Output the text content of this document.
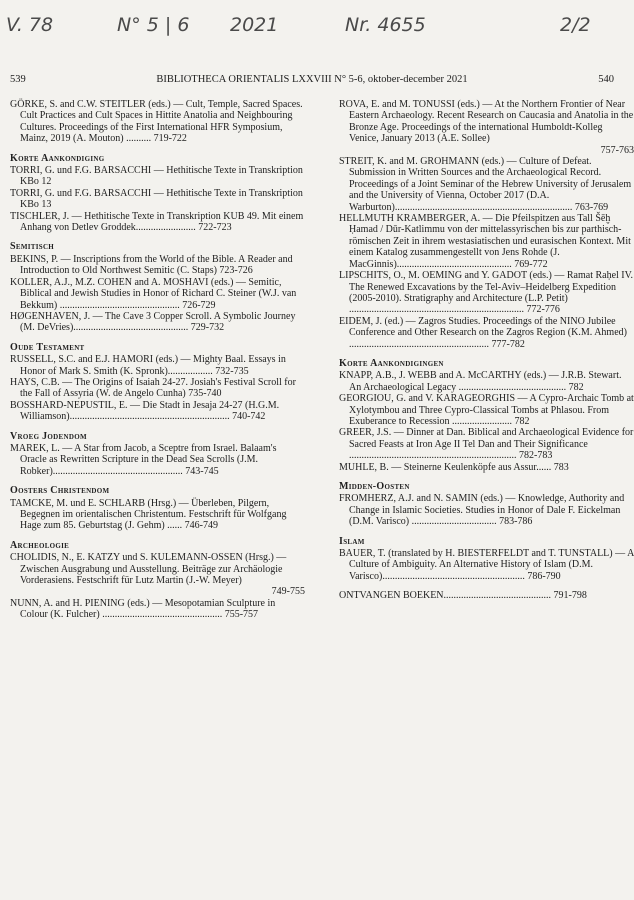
V. 78	N° 5 | 6 2021	Nr. 4655	2/2
539	BIBLIOTHECA ORIENTALIS LXXVIII N° 5-6, oktober-december 2021	540
GÖRKE, S. and C.W. STEITLER (eds.) — Cult, Temple, Sacred Spaces. Cult Practices and Cult Spaces in Hittite Anatolia and Neighbouring Cultures. Proceedings of the First International HFR Symposium, Mainz, 2019 (A. Mouton) .......... 719-722
Korte Aankondiging
TORRI, G. und F.G. BARSACCHI — Hethitische Texte in Transkription KBo 12
TORRI, G. und F.G. BARSACCHI — Hethitische Texte in Transkription KBo 13
TISCHLER, J. — Hethitische Texte in Transkription KUB 49. Mit einem Anhang von Detlev Groddek........................ 722-723
Semitisch
BEKINS, P. — Inscriptions from the World of the Bible. A Reader and Introduction to Old Northwest Semitic (C. Staps) 723-726
KOLLER, A.J., M.Z. COHEN and A. MOSHAVI (eds.) — Semitic, Biblical and Jewish Studies in Honor of Richard C. Steiner (W.J. van Bekkum) ................................................ 726-729
HØGENHAVEN, J. — The Cave 3 Copper Scroll. A Symbolic Journey (M. DeVries).............................................. 729-732
Oude Testament
RUSSELL, S.C. and E.J. HAMORI (eds.) — Mighty Baal. Essays in Honor of Mark S. Smith (K. Spronk).................. 732-735
HAYS, C.B. — The Origins of Isaiah 24-27. Josiah's Festival Scroll for the Fall of Assyria (W. de Angelo Cunha) 735-740
BOSSHARD-NEPUSTIL, E. — Die Stadt in Jesaja 24-27 (H.G.M. Williamson)................................................................ 740-742
Vroeg Jodendom
MAREK, L. — A Star from Jacob, a Sceptre from Israel. Balaam's Oracle as Rewritten Scripture in the Dead Sea Scrolls (J.M. Robker).................................................... 743-745
Oosters Christendom
TAMCKE, M. und E. SCHLARB (Hrsg.) — Überleben, Pilgern, Begegnen im orientalischen Christentum. Festschrift für Wolfgang Hage zum 85. Geburtstag (J. Gehm) ...... 746-749
Archeologie
CHOLIDIS, N., E. KATZY und S. KULEMANN-OSSEN (Hrsg.) — Zwischen Ausgrabung und Ausstellung. Beiträge zur Archäologie Vorderasiens. Festschrift für Lutz Martin (J.-W. Meyer)
749-755
NUNN, A. and H. PIENING (eds.) — Mesopotamian Sculpture in Colour (K. Fulcher) ................................................ 755-757
ROVA, E. and M. TONUSSI (eds.) — At the Northern Frontier of Near Eastern Archaeology. Recent Research on Caucasia and Anatolia in the Bronze Age. Proceedings of the international Humboldt-Kolleg Venice, January 2013 (A.E. Sollee)
757-763
STREIT, K. and M. GROHMANN (eds.) — Culture of Defeat. Submission in Written Sources and the Archaeological Record. Proceedings of a Joint Seminar of the Hebrew University of Jerusalem and the University of Vienna, October 2017 (D.A. Warburton)....................................................................... 763-769
HELLMUTH KRAMBERGER, A. — Die Pfeilspitzen aus Tall Šēḫ Ḥamad / Dūr-Katlimmu von der mittelassyrischen bis zur parthisch-römischen Zeit in ihrem westasiatischen und eurasischen Kontext. Mit einem Katalog zusammengestellt von Jens Rohde (J. MacGinnis).............................................. 769-772
LIPSCHITS, O., M. OEMING and Y. GADOT (eds.) — Ramat Raḥel IV. The Renewed Excavations by the Tel-Aviv–Heidelberg Expedition (2005-2010). Stratigraphy and Architecture (L.P. Petit) ...................................................................... 772-776
EIDEM, J. (ed.) — Zagros Studies. Proceedings of the NINO Jubilee Conference and Other Research on the Zagros Region (K.M. Ahmed) ........................................................ 777-782
Korte Aankondigingen
KNAPP, A.B., J. WEBB and A. McCARTHY (eds.) — J.R.B. Stewart. An Archaeological Legacy ........................................... 782
GEORGIOU, G. and V. KARAGEORGHIS — A Cypro-Archaic Tomb at Xylotymbou and Three Cypro-Classical Tombs at Phlasou. From Exuberance to Recession ........................ 782
GREER, J.S. — Dinner at Dan. Biblical and Archaeological Evidence for Sacred Feasts at Iron Age II Tel Dan and Their Significance ................................................................... 782-783
MUHLE, B. — Steinerne Keulenköpfe aus Assur...... 783
Midden-Oosten
FROMHERZ, A.J. and N. SAMIN (eds.) — Knowledge, Authority and Change in Islamic Societies. Studies in Honor of Dale F. Eickelman (D.M. Varisco) .................................. 783-786
Islam
BAUER, T. (translated by H. BIESTERFELDT and T. TUNSTALL) — A Culture of Ambiguity. An Alternative History of Islam (D.M. Varisco)......................................................... 786-790
ONTVANGEN BOEKEN........................................... 791-798
